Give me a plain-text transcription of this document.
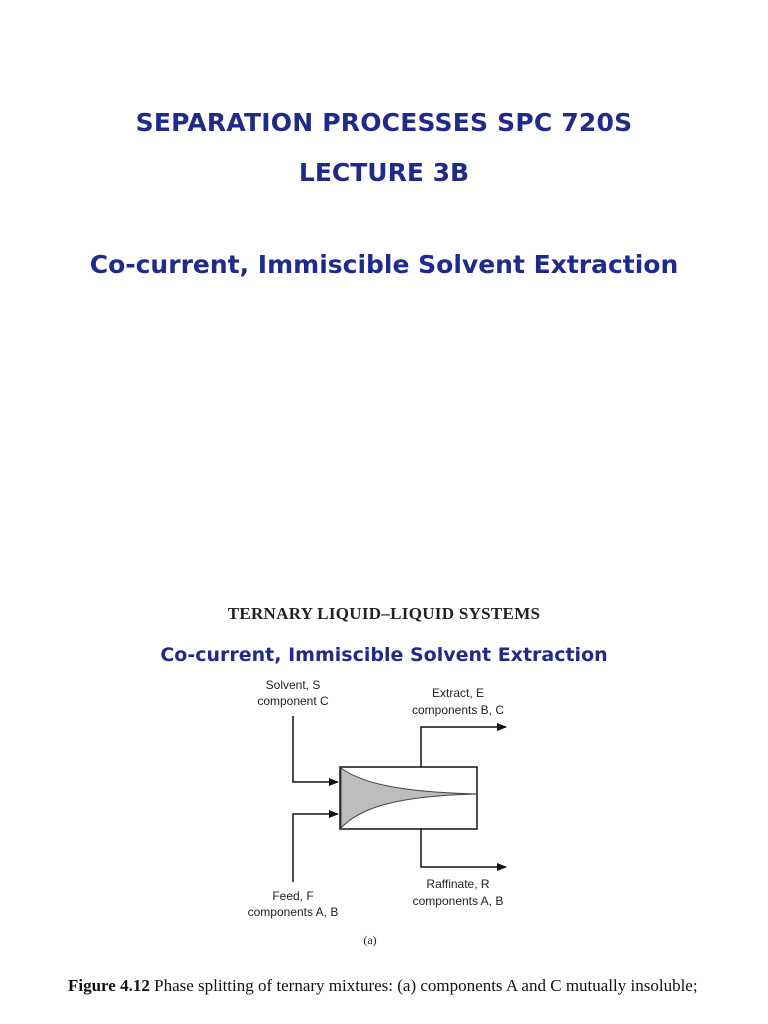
SEPARATION PROCESSES SPC 720S
LECTURE 3B
Co-current, Immiscible Solvent Extraction
TERNARY LIQUID–LIQUID SYSTEMS
Co-current, Immiscible Solvent Extraction
Solvent, S
component C
Extract, E
components B, C
Feed, F
components A, B
Raffinate, R
components A, B
(a)
Figure 4.12 Phase splitting of ternary mixtures: (a) components A and C mutually insoluble;
